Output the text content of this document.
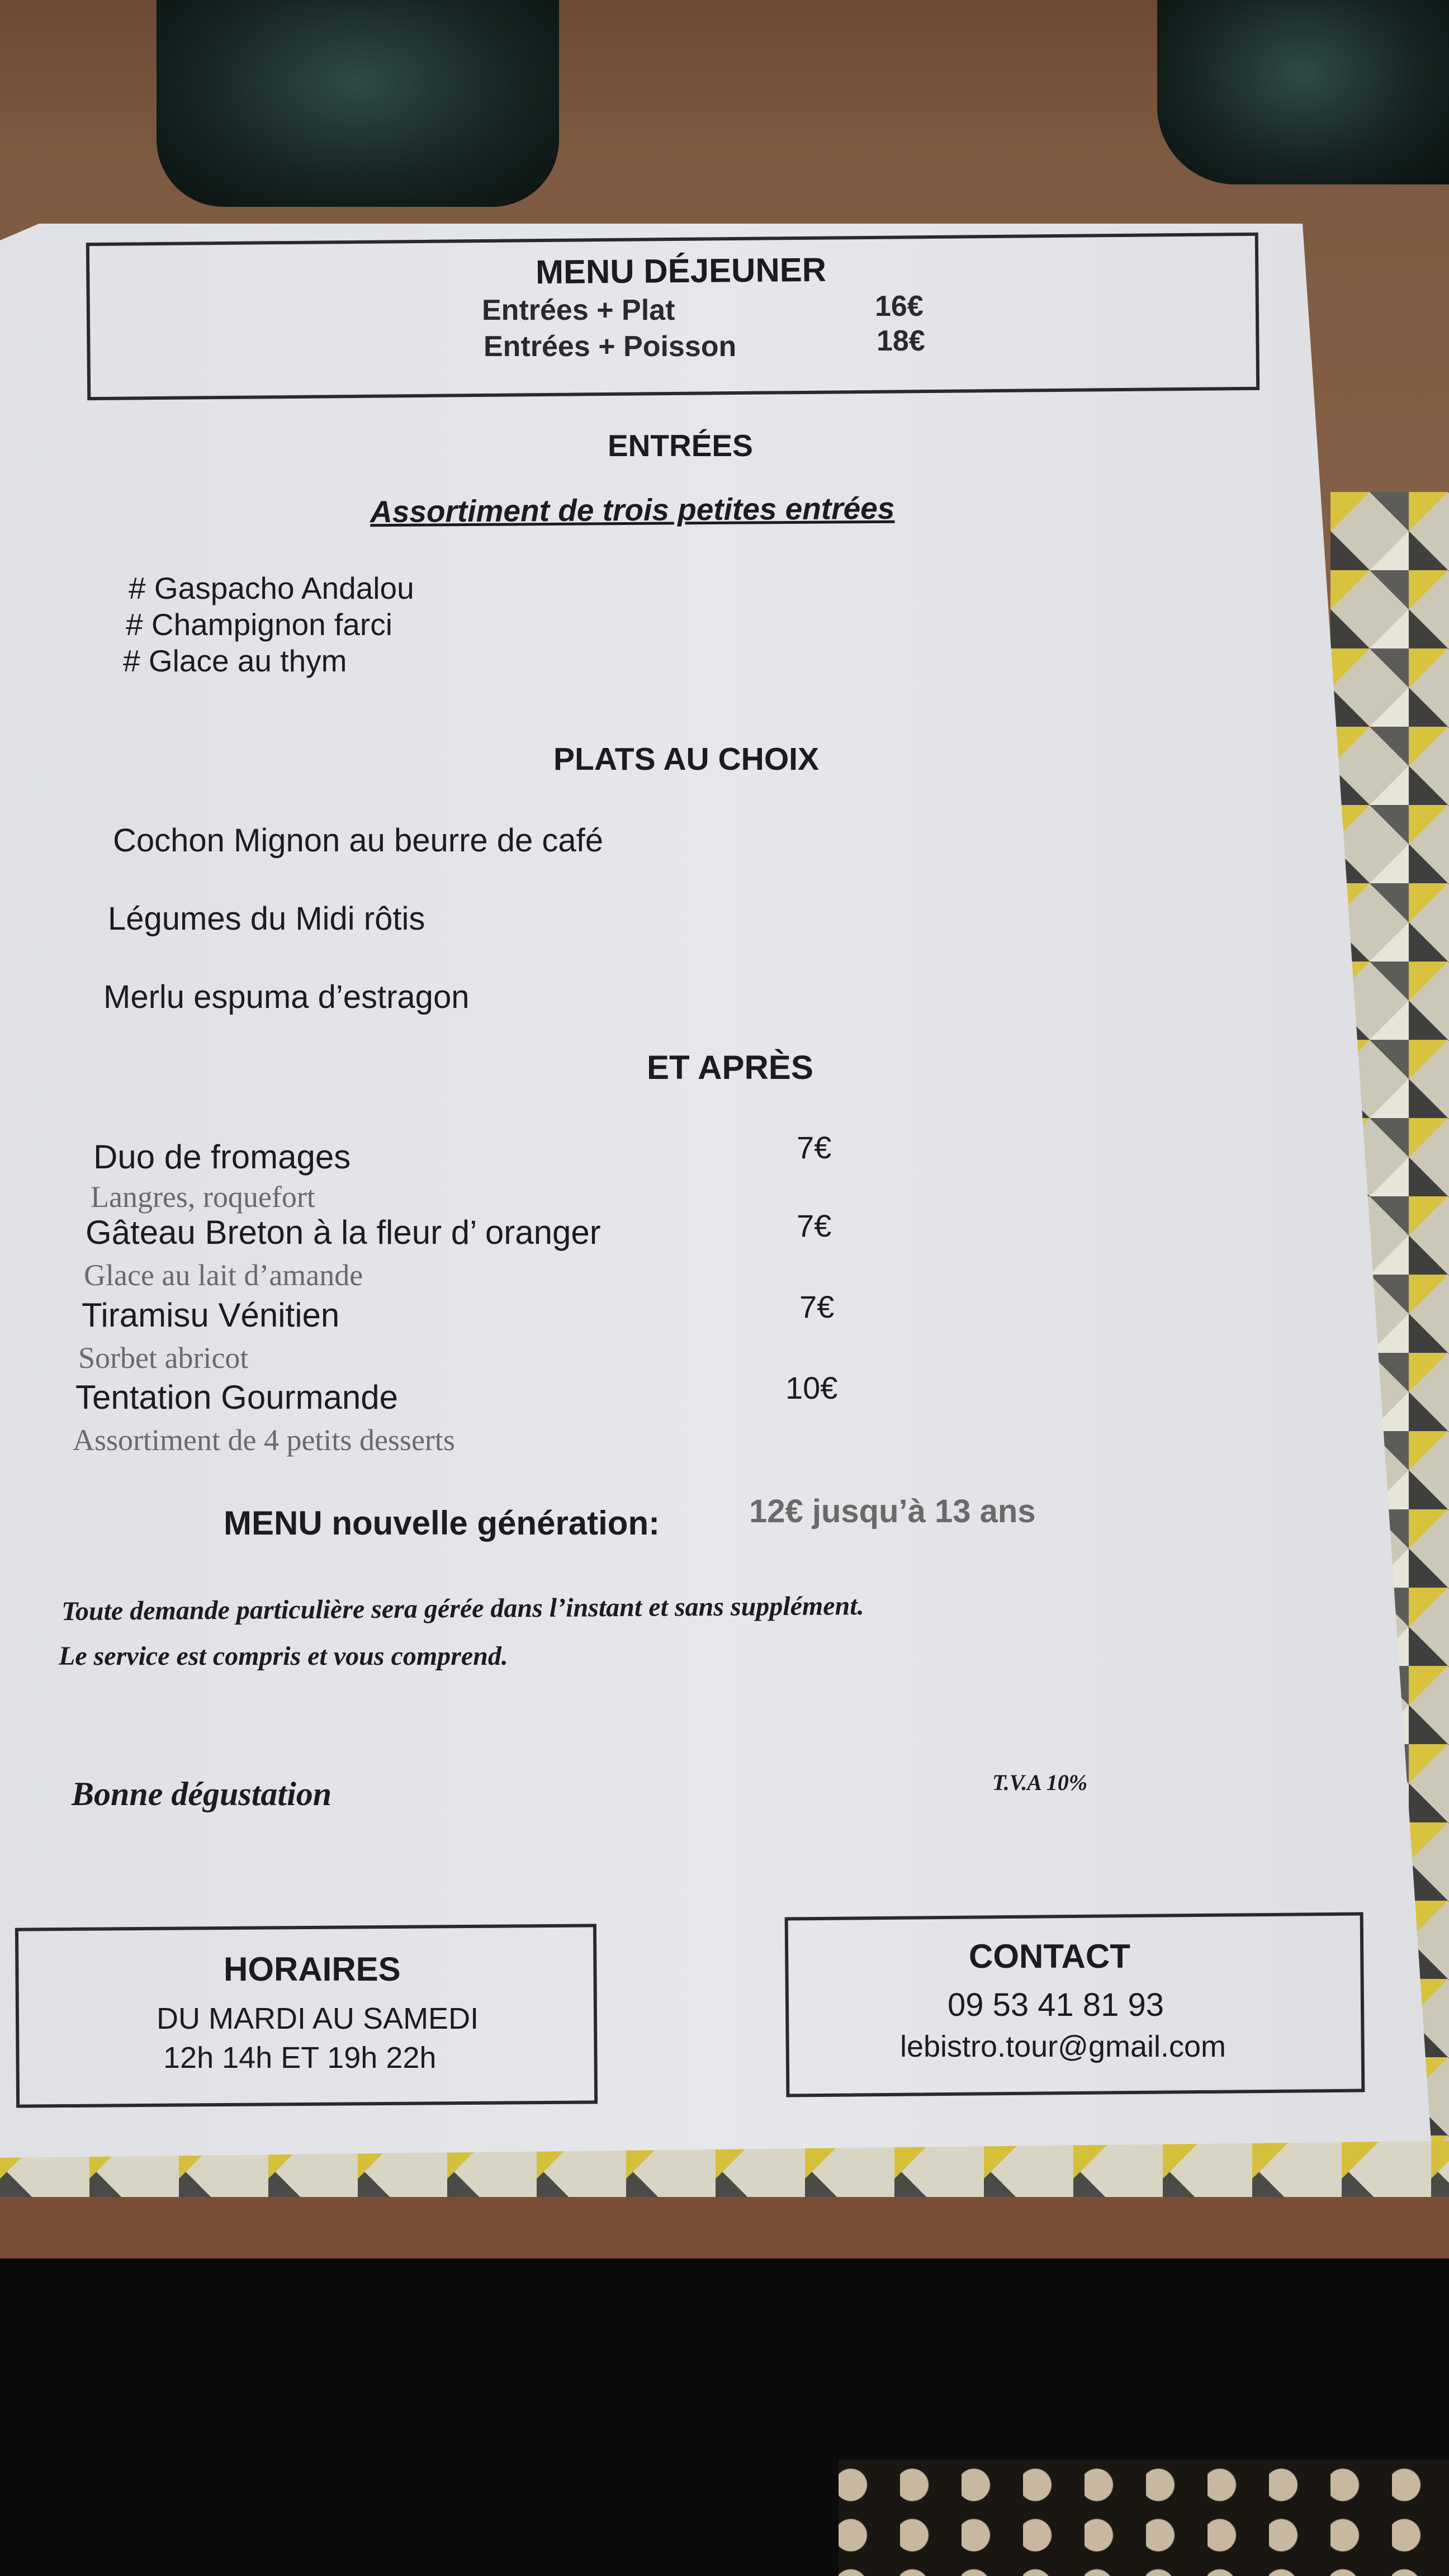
MENU DÉJEUNER
Entrées + Plat	16€
Entrées + Poisson	18€
ENTRÉES
Assortiment de trois petites entrées
# Gaspacho Andalou
# Champignon farci
# Glace au thym
PLATS AU CHOIX
Cochon Mignon au beurre de café
Légumes du Midi rôtis
Merlu espuma d’estragon
ET APRÈS
Duo de fromages	7€
Langres, roquefort
Gâteau Breton à la fleur d’ oranger	7€
Glace au lait d’amande
Tiramisu Vénitien	7€
Sorbet abricot
Tentation Gourmande	10€
Assortiment de 4 petits desserts
MENU nouvelle génération:	12€ jusqu’à 13 ans
Toute demande particulière sera gérée dans l’instant et sans supplément.
Le service est compris et vous comprend.
Bonne dégustation	T.V.A 10%
HORAIRES
DU MARDI AU SAMEDI
12h 14h ET 19h 22h
CONTACT
09 53 41 81 93
lebistro.tour@gmail.com
